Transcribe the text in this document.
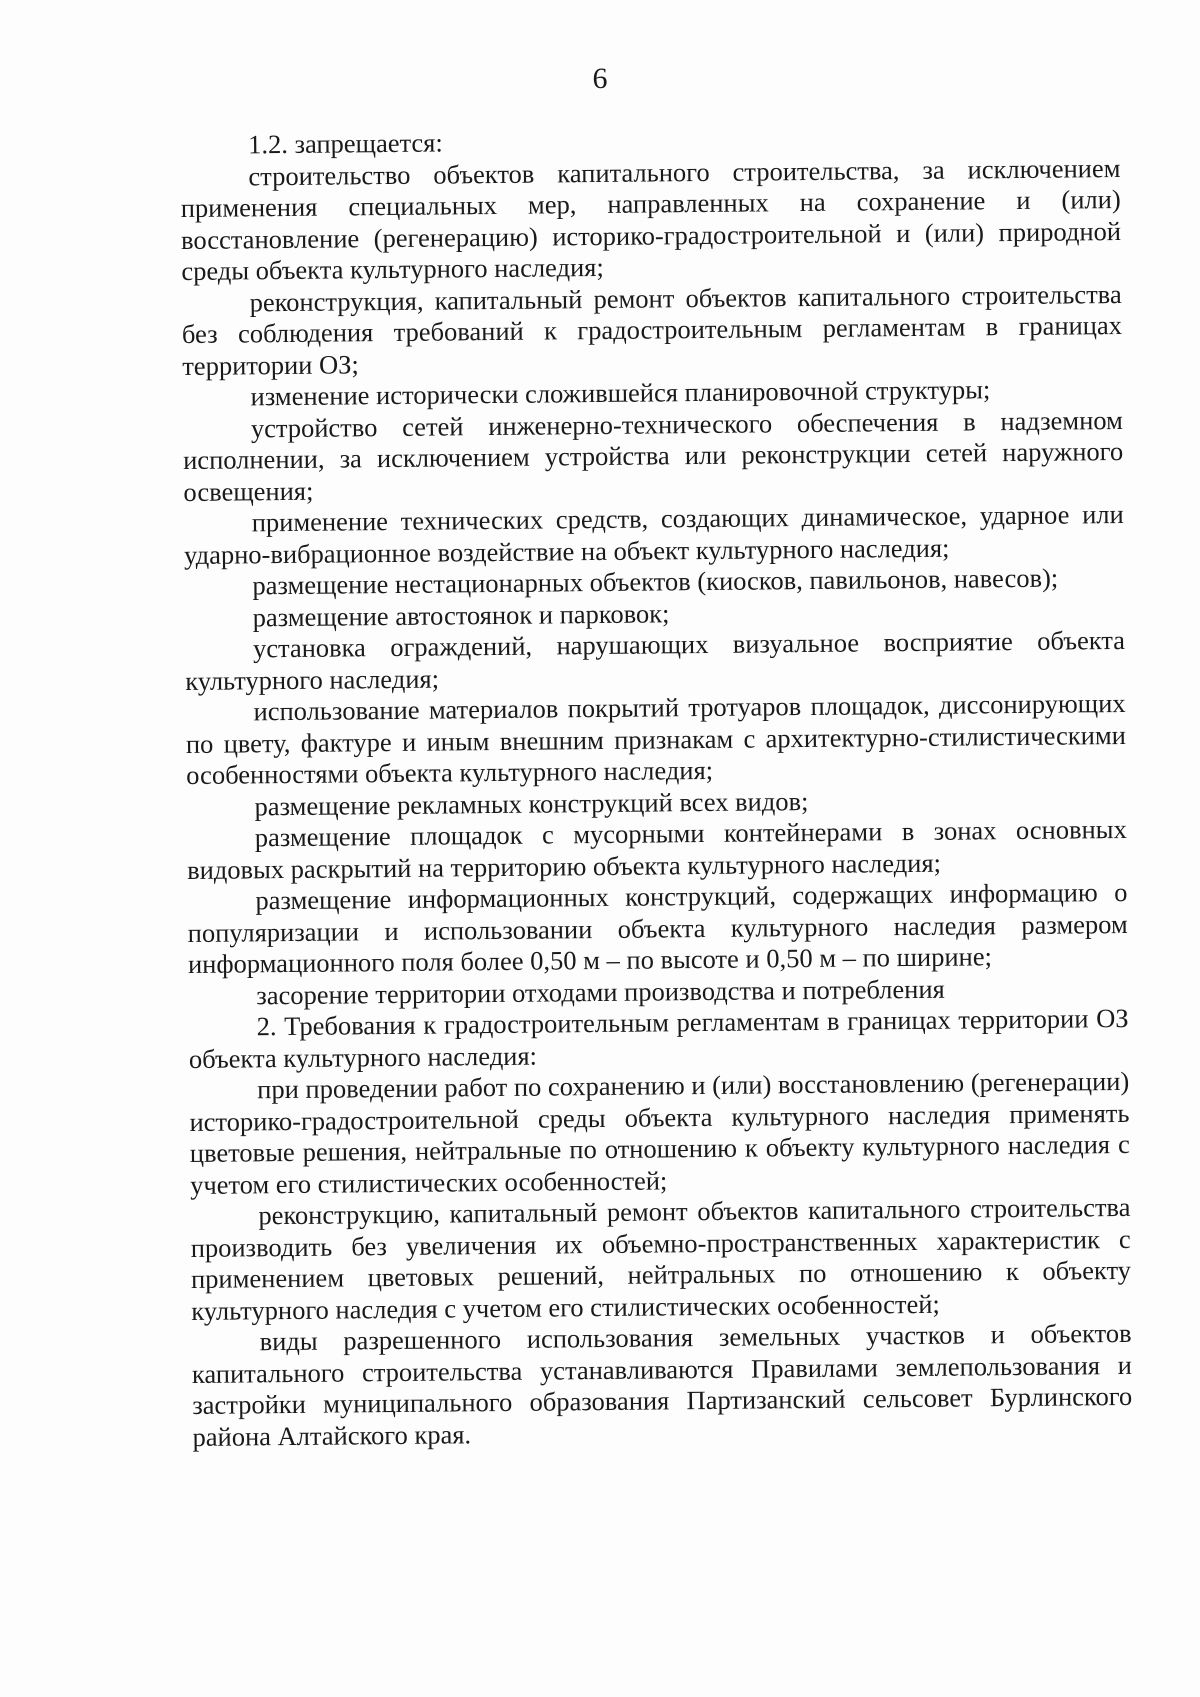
6

1.2. запрещается:

строительство объектов капитального строительства, за исключением применения специальных мер, направленных на сохранение и (или) восстановление (регенерацию) историко-градостроительной и (или) природной среды объекта культурного наследия;

реконструкция, капитальный ремонт объектов капитального строительства без соблюдения требований к градостроительным регламентам в границах территории ОЗ;

изменение исторически сложившейся планировочной структуры;

устройство сетей инженерно-технического обеспечения в надземном исполнении, за исключением устройства или реконструкции сетей наружного освещения;

применение технических средств, создающих динамическое, ударное или ударно-вибрационное воздействие на объект культурного наследия;

размещение нестационарных объектов (киосков, павильонов, навесов);

размещение автостоянок и парковок;

установка ограждений, нарушающих визуальное восприятие объекта культурного наследия;

использование материалов покрытий тротуаров площадок, диссонирующих по цвету, фактуре и иным внешним признакам с архитектурно-стилистическими особенностями объекта культурного наследия;

размещение рекламных конструкций всех видов;

размещение площадок с мусорными контейнерами в зонах основных видовых раскрытий на территорию объекта культурного наследия;

размещение информационных конструкций, содержащих информацию о популяризации и использовании объекта культурного наследия размером информационного поля более 0,50 м – по высоте и 0,50 м – по ширине;

засорение территории отходами производства и потребления

2. Требования к градостроительным регламентам в границах территории ОЗ объекта культурного наследия:

при проведении работ по сохранению и (или) восстановлению (регенерации) историко-градостроительной среды объекта культурного наследия применять цветовые решения, нейтральные по отношению к объекту культурного наследия с учетом его стилистических особенностей;

реконструкцию, капитальный ремонт объектов капитального строительства производить без увеличения их объемно-пространственных характеристик с применением цветовых решений, нейтральных по отношению к объекту культурного наследия с учетом его стилистических особенностей;

виды разрешенного использования земельных участков и объектов капитального строительства устанавливаются Правилами землепользования и застройки муниципального образования Партизанский сельсовет Бурлинского района Алтайского края.
